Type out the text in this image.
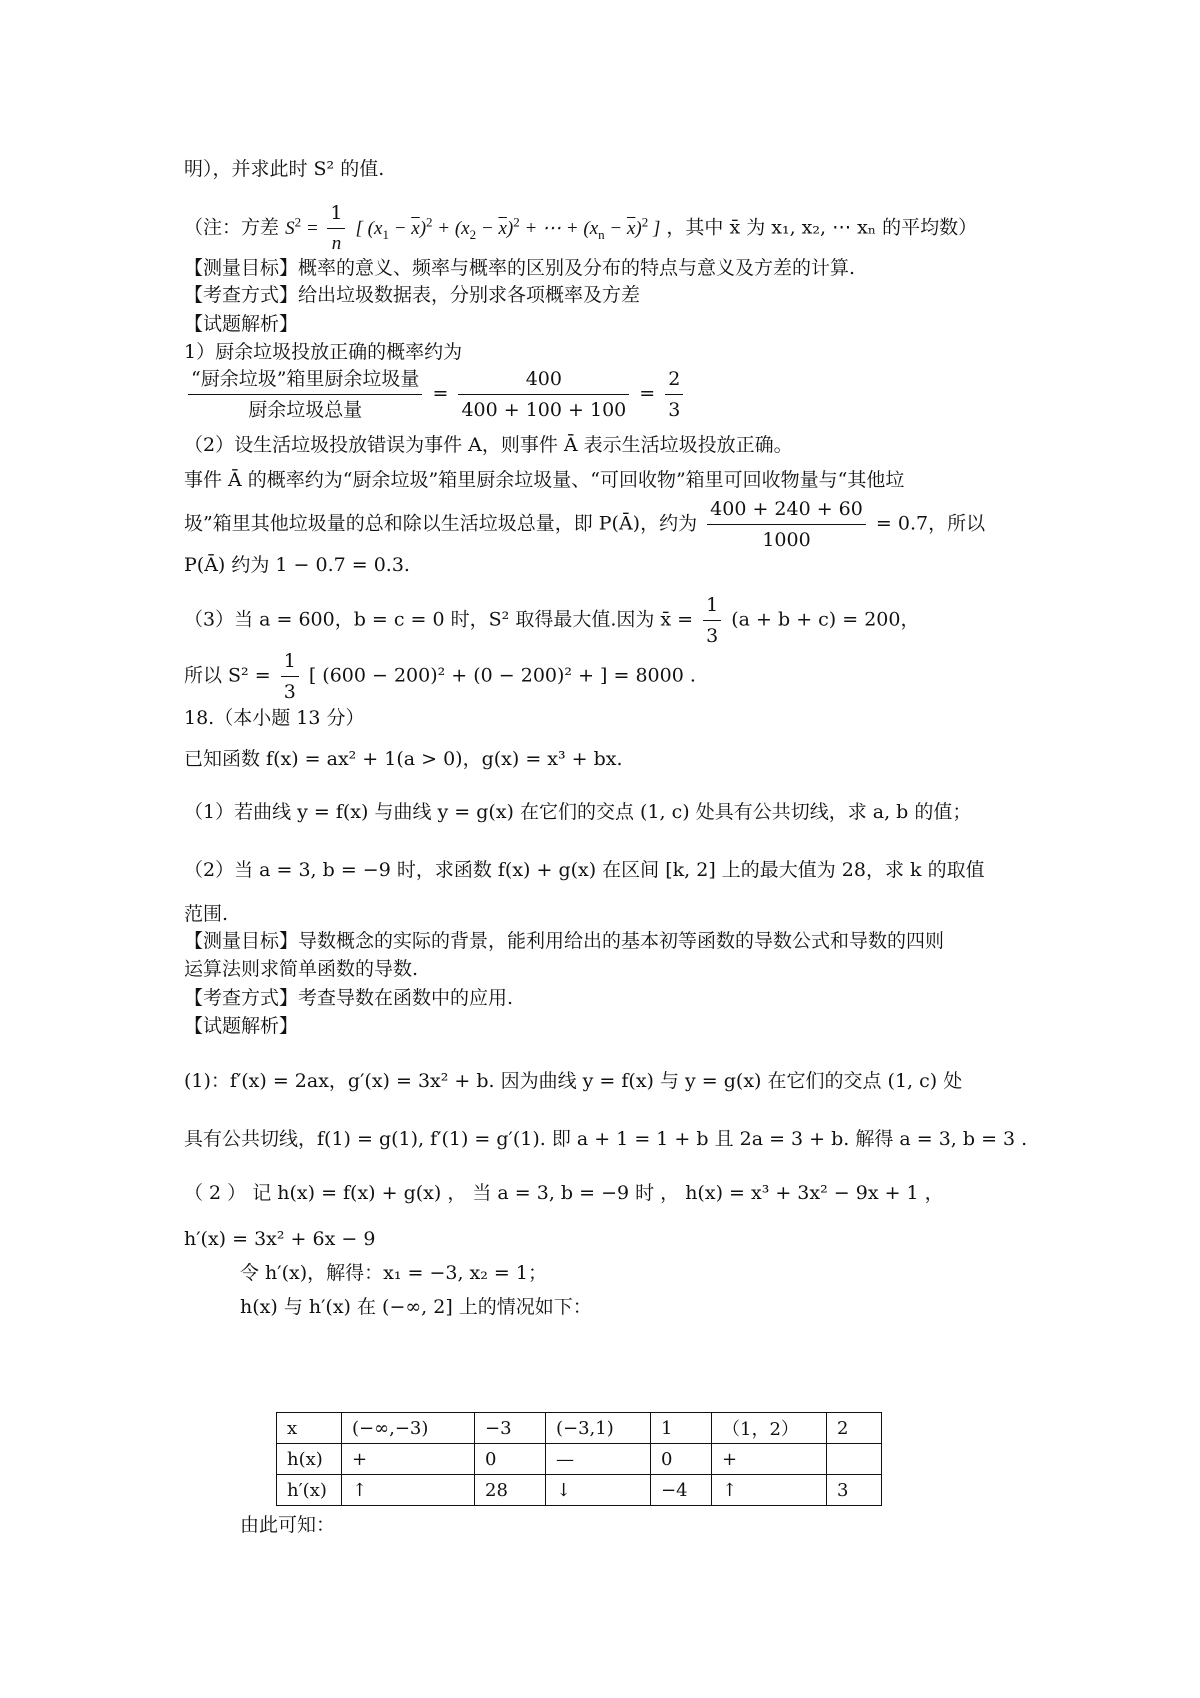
明），并求此时 S² 的值.
（注：方差 $S^2 = \frac{1}{n}$ [ $(x_1 - \overline{x})^2 + (x_2 - \overline{x})^2$ + ⋯ + $(x_n - \overline{x})^2$ ] ，其中 x̄ 为 x₁, x₂, ⋯ xₙ 的平均数）
【测量目标】概率的意义、频率与概率的区别及分布的特点与意义及方差的计算.
【考查方式】给出垃圾数据表，分别求各项概率及方差
【试题解析】
1）厨余垃圾投放正确的概率约为
$\frac{\text{“厨余垃圾”箱里厨余垃圾量}}{\text{厨余垃圾总量}} = \frac{400}{400 + 100 + 100} = \frac{2}{3}$
（2）设生活垃圾投放错误为事件 A，则事件 Ā 表示生活垃圾投放正确。
事件 Ā 的概率约为“厨余垃圾”箱里厨余垃圾量、“可回收物”箱里可回收物量与“其他垃
圾”箱里其他垃圾量的总和除以生活垃圾总量，即 P(Ā)，约为 $\frac{400 + 240 + 60}{1000} = 0.7$，所以
P(Ā) 约为 1 − 0.7 = 0.3.
（3）当 a = 600，b = c = 0 时，S² 取得最大值.因为 x̄ = $\frac{1}{3} (a + b + c) = 200$，
所以 $S^2 = \frac{1}{3}$ [ (600 − 200)² + (0 − 200)² + ] = 8000 .
18.（本小题 13 分）
已知函数 f(x) = ax² + 1(a > 0)，g(x) = x³ + bx.
（1）若曲线 y = f(x) 与曲线 y = g(x) 在它们的交点 (1, c) 处具有公共切线，求 a, b 的值；
（2）当 a = 3, b = −9 时，求函数 f(x) + g(x) 在区间 [k, 2] 上的最大值为 28，求 k 的取值
范围.
【测量目标】导数概念的实际的背景，能利用给出的基本初等函数的导数公式和导数的四则
运算法则求简单函数的导数.
【考查方式】考查导数在函数中的应用.
【试题解析】
(1)：f′(x) = 2ax，g′(x) = 3x² + b. 因为曲线 y = f(x) 与 y = g(x) 在它们的交点 (1, c) 处
具有公共切线，f(1) = g(1), f′(1) = g′(1). 即 a + 1 = 1 + b 且 2a = 3 + b. 解得 a = 3, b = 3 .
（ 2 ） 记 h(x) = f(x) + g(x) ， 当 a = 3, b = −9 时 ， h(x) = x³ + 3x² − 9x + 1 ，
h′(x) = 3x² + 6x − 9
令 h′(x)，解得：x₁ = −3, x₂ = 1；
h(x) 与 h′(x) 在 (−∞, 2] 上的情况如下：
x	(−∞,−3)	−3	(−3,1)	1	（1，2）	2
h(x)	+	0	—	0	+	
h′(x)	↑	28	↓	−4	↑	3
由此可知：
